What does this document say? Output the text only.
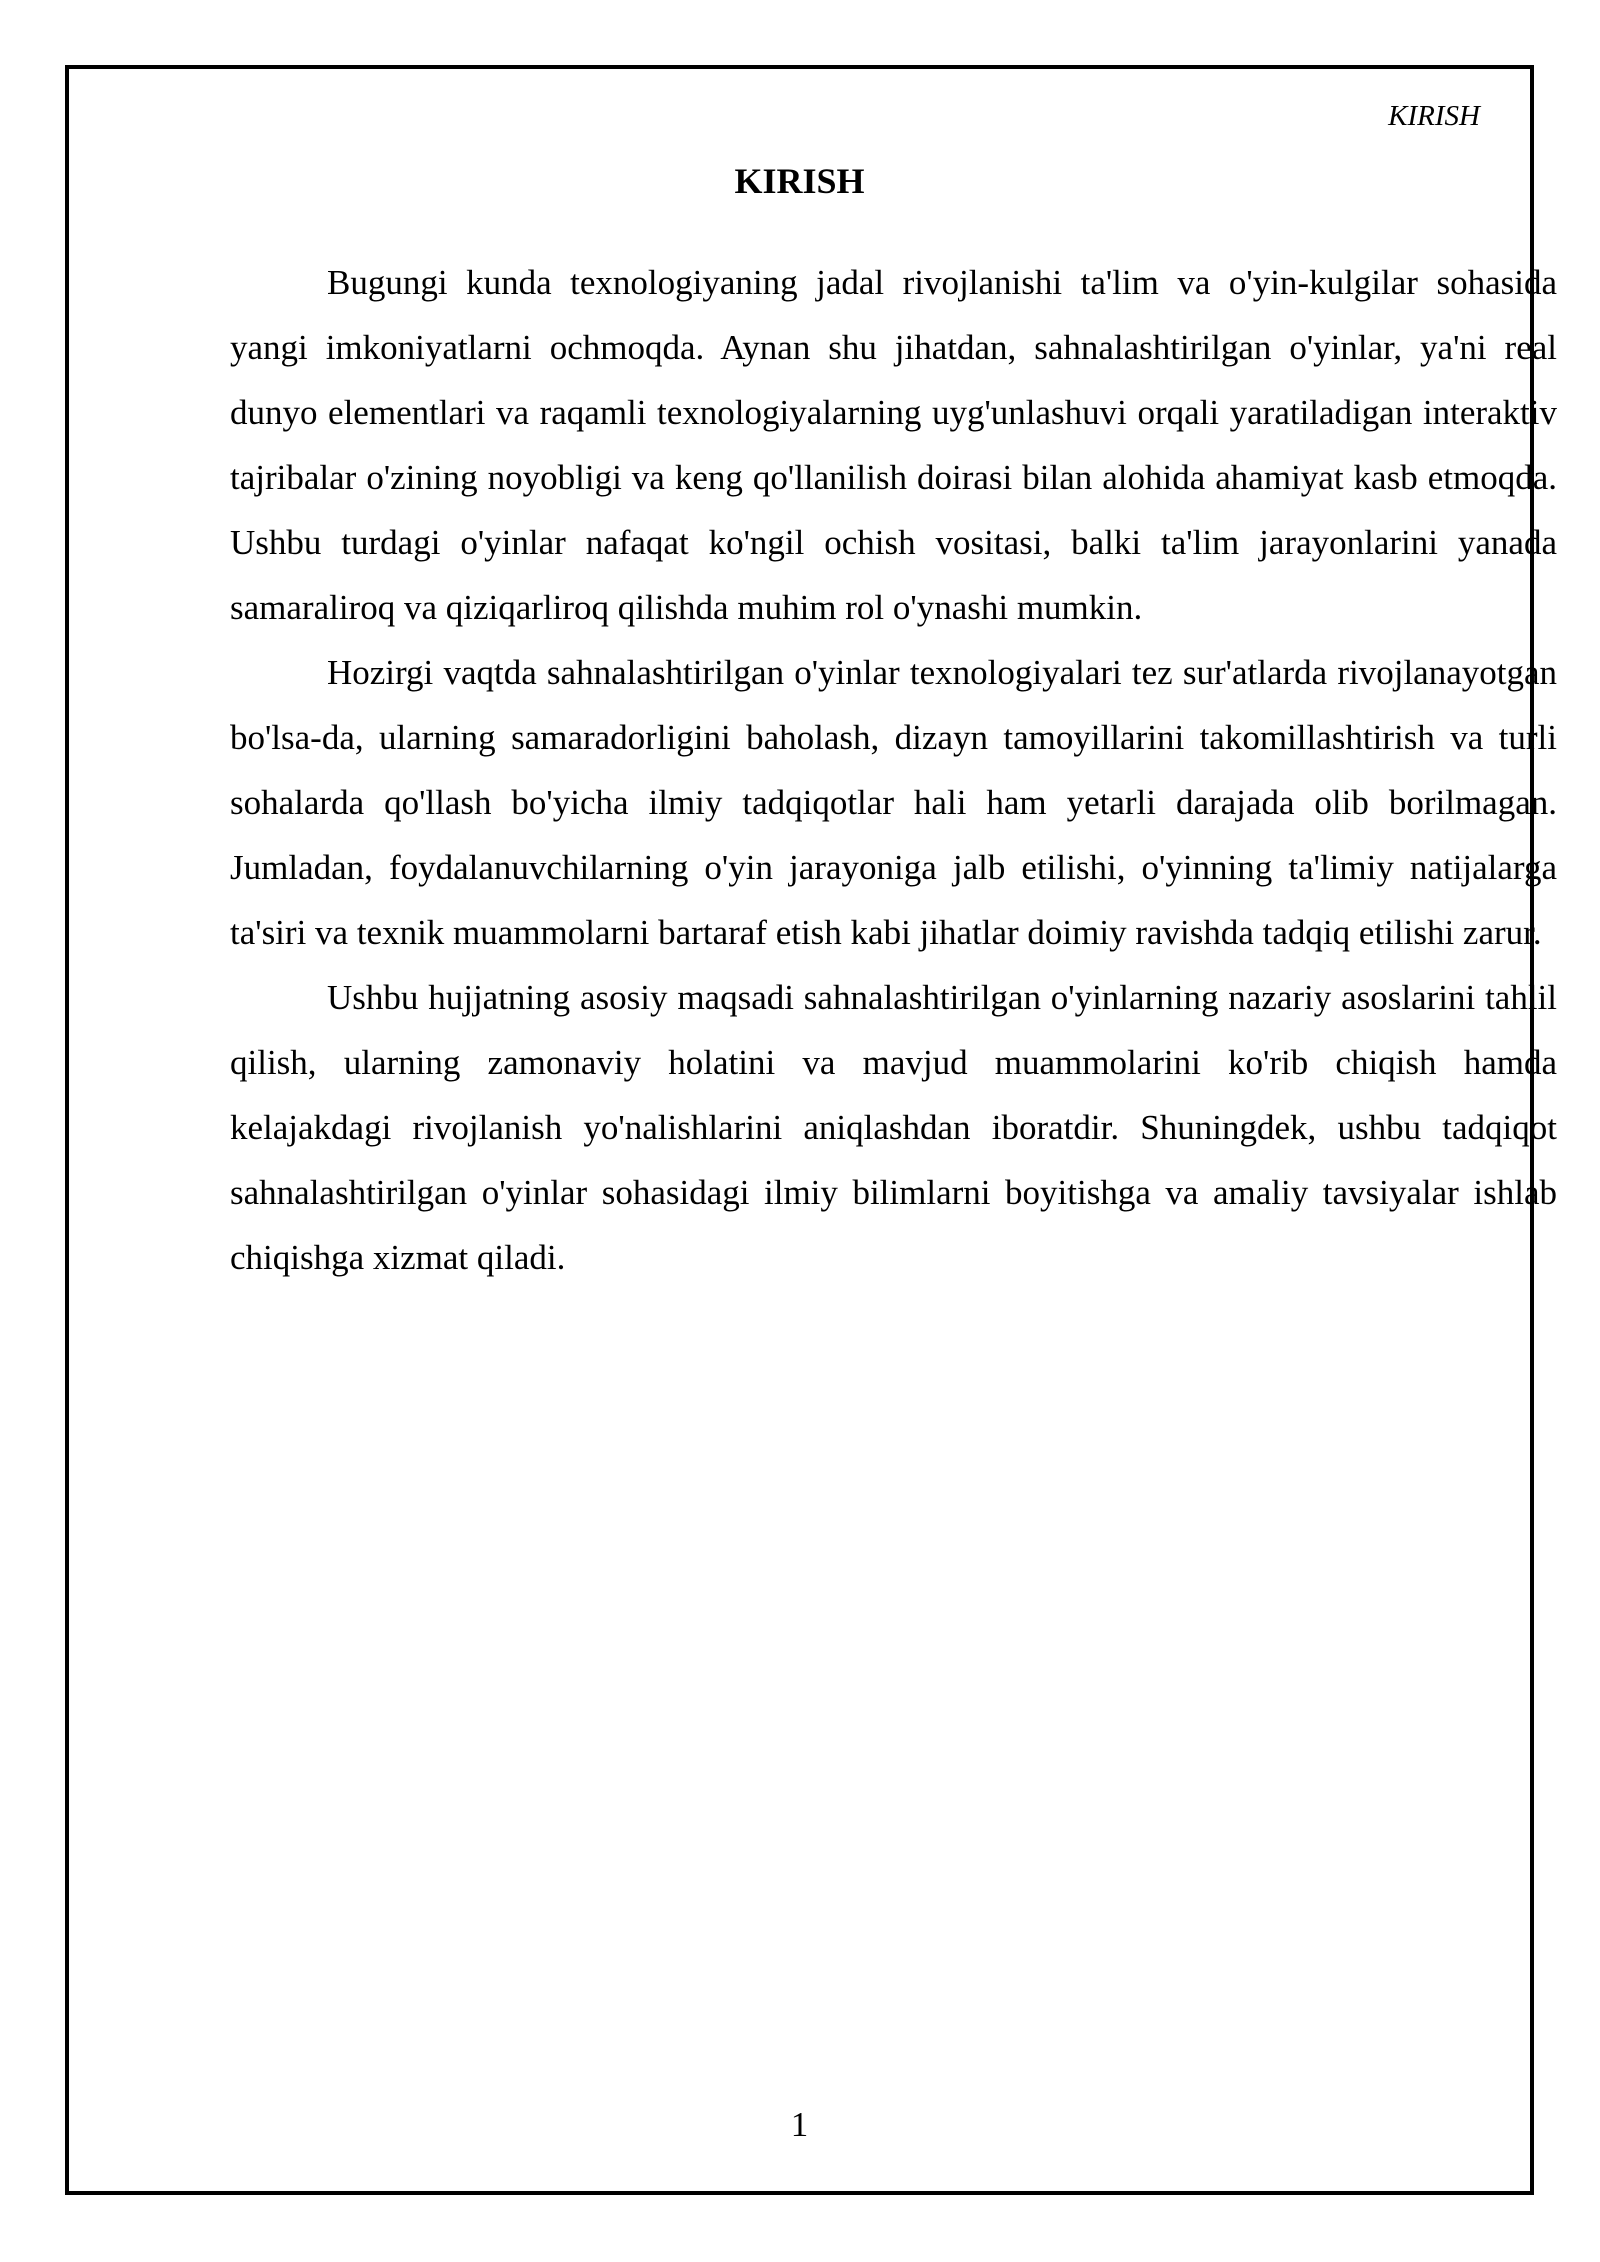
KIRISH
KIRISH

Bugungi kunda texnologiyaning jadal rivojlanishi ta'lim va o'yin-kulgilar sohasida yangi imkoniyatlarni ochmoqda. Aynan shu jihatdan, sahnalashtirilgan o'yinlar, ya'ni real dunyo elementlari va raqamli texnologiyalarning uyg'unlashuvi orqali yaratiladigan interaktiv tajribalar o'zining noyobligi va keng qo'llanilish doirasi bilan alohida ahamiyat kasb etmoqda. Ushbu turdagi o'yinlar nafaqat ko'ngil ochish vositasi, balki ta'lim jarayonlarini yanada samaraliroq va qiziqarliroq qilishda muhim rol o'ynashi mumkin.

Hozirgi vaqtda sahnalashtirilgan o'yinlar texnologiyalari tez sur'atlarda rivojlanayotgan bo'lsa-da, ularning samaradorligini baholash, dizayn tamoyillarini takomillashtirish va turli sohalarda qo'llash bo'yicha ilmiy tadqiqotlar hali ham yetarli darajada olib borilmagan. Jumladan, foydalanuvchilarning o'yin jarayoniga jalb etilishi, o'yinning ta'limiy natijalarga ta'siri va texnik muammolarni bartaraf etish kabi jihatlar doimiy ravishda tadqiq etilishi zarur.

Ushbu hujjatning asosiy maqsadi sahnalashtirilgan o'yinlarning nazariy asoslarini tahlil qilish, ularning zamonaviy holatini va mavjud muammolarini ko'rib chiqish hamda kelajakdagi rivojlanish yo'nalishlarini aniqlashdan iboratdir. Shuningdek, ushbu tadqiqot sahnalashtirilgan o'yinlar sohasidagi ilmiy bilimlarni boyitishga va amaliy tavsiyalar ishlab chiqishga xizmat qiladi.

1
